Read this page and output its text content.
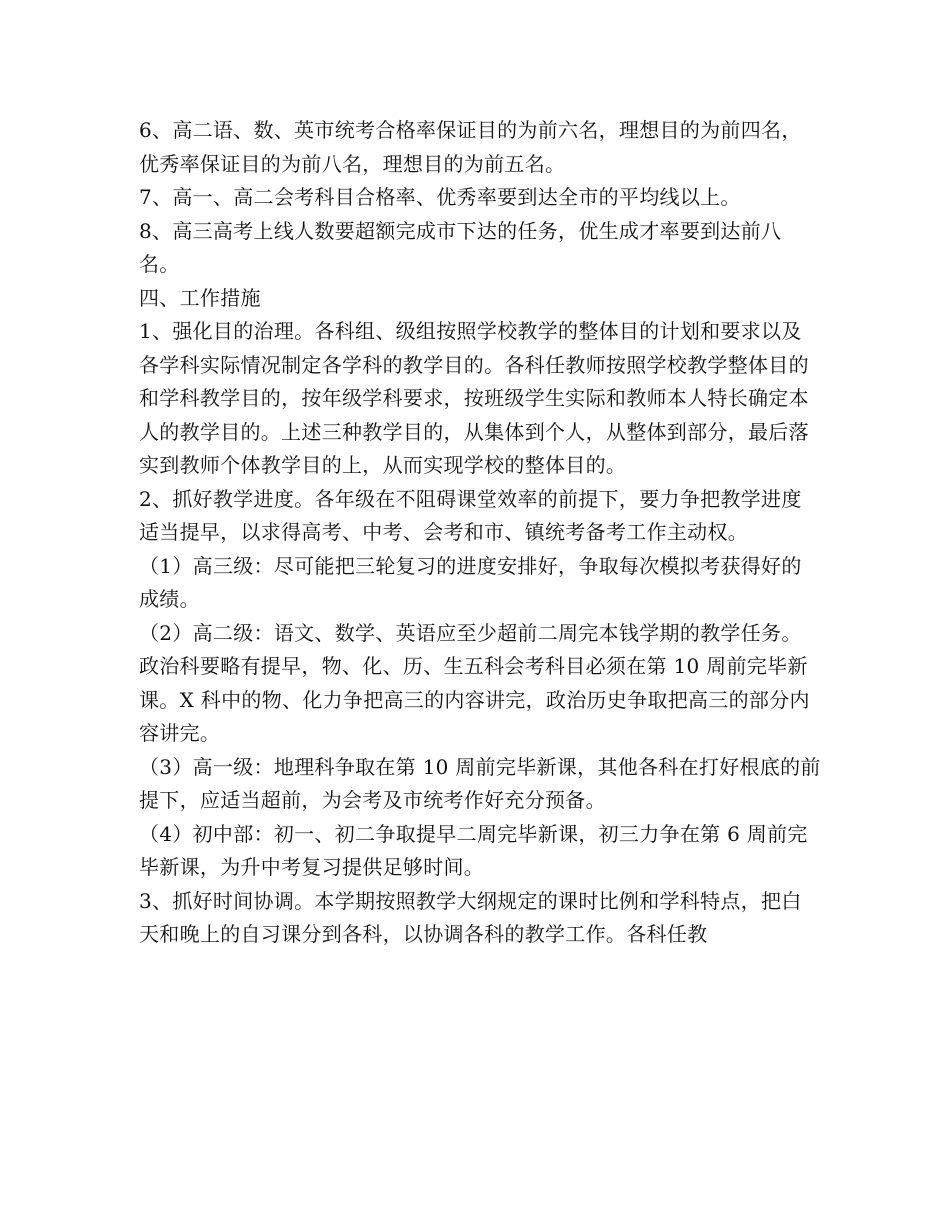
6、高二语、数、英市统考合格率保证目的为前六名，理想目的为前四名，优秀率保证目的为前八名，理想目的为前五名。

7、高一、高二会考科目合格率、优秀率要到达全市的平均线以上。

8、高三高考上线人数要超额完成市下达的任务，优生成才率要到达前八名。

四、工作措施

1、强化目的治理。各科组、级组按照学校教学的整体目的计划和要求以及各学科实际情况制定各学科的教学目的。各科任教师按照学校教学整体目的和学科教学目的，按年级学科要求，按班级学生实际和教师本人特长确定本人的教学目的。上述三种教学目的，从集体到个人，从整体到部分，最后落实到教师个体教学目的上，从而实现学校的整体目的。

2、抓好教学进度。各年级在不阻碍课堂效率的前提下，要力争把教学进度适当提早，以求得高考、中考、会考和市、镇统考备考工作主动权。

（1）高三级：尽可能把三轮复习的进度安排好，争取每次模拟考获得好的成绩。

（2）高二级：语文、数学、英语应至少超前二周完本钱学期的教学任务。政治科要略有提早，物、化、历、生五科会考科目必须在第 10 周前完毕新课。X 科中的物、化力争把高三的内容讲完，政治历史争取把高三的部分内容讲完。

（3）高一级：地理科争取在第 10 周前完毕新课，其他各科在打好根底的前提下，应适当超前，为会考及市统考作好充分预备。

（4）初中部：初一、初二争取提早二周完毕新课，初三力争在第 6 周前完毕新课，为升中考复习提供足够时间。

3、抓好时间协调。本学期按照教学大纲规定的课时比例和学科特点，把白天和晚上的自习课分到各科，以协调各科的教学工作。各科任教
